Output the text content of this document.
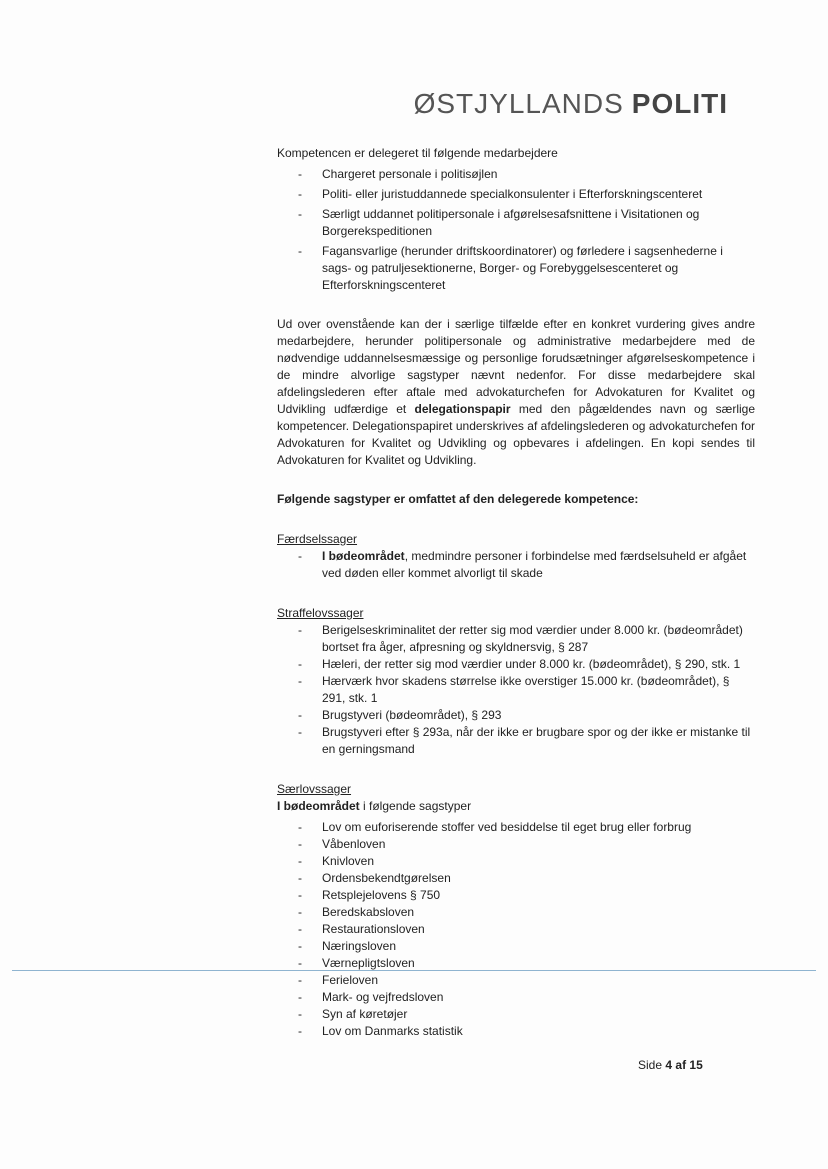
ØSTJYLLANDS POLITI

Kompetencen er delegeret til følgende medarbejdere

- Chargeret personale i politisøjlen
- Politi- eller juristuddannede specialkonsulenter i Efterforskningscenteret
- Særligt uddannet politipersonale i afgørelsesafsnittene i Visitationen og Borgerekspeditionen
- Fagansvarlige (herunder driftskoordinatorer) og førledere i sagsenhederne i sags- og patruljesektionerne, Borger- og Forebyggelsescenteret og Efterforskningscenteret

Ud over ovenstående kan der i særlige tilfælde efter en konkret vurdering gives andre medarbejdere, herunder politipersonale og administrative medarbejdere med de nødvendige uddannelsesmæssige og personlige forudsætninger afgørelseskompetence i de mindre alvorlige sagstyper nævnt nedenfor. For disse medarbejdere skal afdelingslederen efter aftale med advokaturchefen for Advokaturen for Kvalitet og Udvikling udfærdige et delegationspapir med den pågældendes navn og særlige kompetencer. Delegationspapiret underskrives af afdelingslederen og advokaturchefen for Advokaturen for Kvalitet og Udvikling og opbevares i afdelingen. En kopi sendes til Advokaturen for Kvalitet og Udvikling.

Følgende sagstyper er omfattet af den delegerede kompetence:

Færdselssager

- I bødeområdet, medmindre personer i forbindelse med færdselsuheld er afgået ved døden eller kommet alvorligt til skade

Straffelovssager

- Berigelseskriminalitet der retter sig mod værdier under 8.000 kr. (bødeområdet) bortset fra åger, afpresning og skyldnersvig, § 287
- Hæleri, der retter sig mod værdier under 8.000 kr. (bødeområdet), § 290, stk. 1
- Hærværk hvor skadens størrelse ikke overstiger 15.000 kr. (bødeområdet), § 291, stk. 1
- Brugstyveri (bødeområdet), § 293
- Brugstyveri efter § 293a, når der ikke er brugbare spor og der ikke er mistanke til en gerningsmand

Særlovssager

I bødeområdet i følgende sagstyper

- Lov om euforiserende stoffer ved besiddelse til eget brug eller forbrug
- Våbenloven
- Knivloven
- Ordensbekendtgørelsen
- Retsplejelovens § 750
- Beredskabsloven
- Restaurationsloven
- Næringsloven
- Værnepligtsloven
- Ferieloven
- Mark- og vejfredsloven
- Syn af køretøjer
- Lov om Danmarks statistik
Side 4 af 15
